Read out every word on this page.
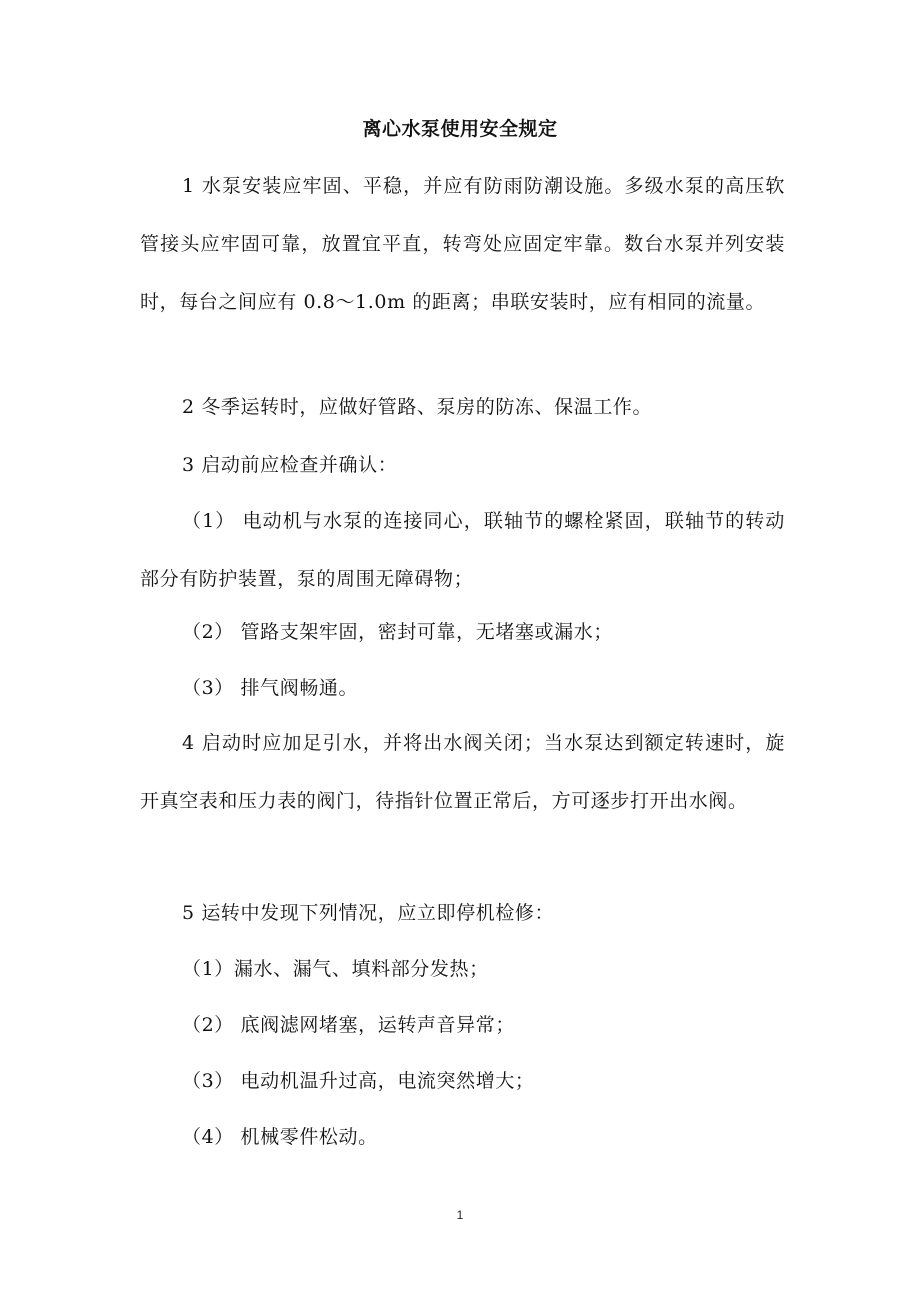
离心水泵使用安全规定

1 水泵安装应牢固、平稳，并应有防雨防潮设施。多级水泵的高压软管接头应牢固可靠，放置宜平直，转弯处应固定牢靠。数台水泵并列安装时，每台之间应有 0.8～1.0m 的距离；串联安装时，应有相同的流量。

2 冬季运转时，应做好管路、泵房的防冻、保温工作。

3 启动前应检查并确认：

（1） 电动机与水泵的连接同心，联轴节的螺栓紧固，联轴节的转动部分有防护装置，泵的周围无障碍物；

（2） 管路支架牢固，密封可靠，无堵塞或漏水；

（3） 排气阀畅通。

4 启动时应加足引水，并将出水阀关闭；当水泵达到额定转速时，旋开真空表和压力表的阀门，待指针位置正常后，方可逐步打开出水阀。

5 运转中发现下列情况，应立即停机检修：

（1）漏水、漏气、填料部分发热；

（2） 底阀滤网堵塞，运转声音异常；

（3） 电动机温升过高，电流突然增大；

（4） 机械零件松动。

1
